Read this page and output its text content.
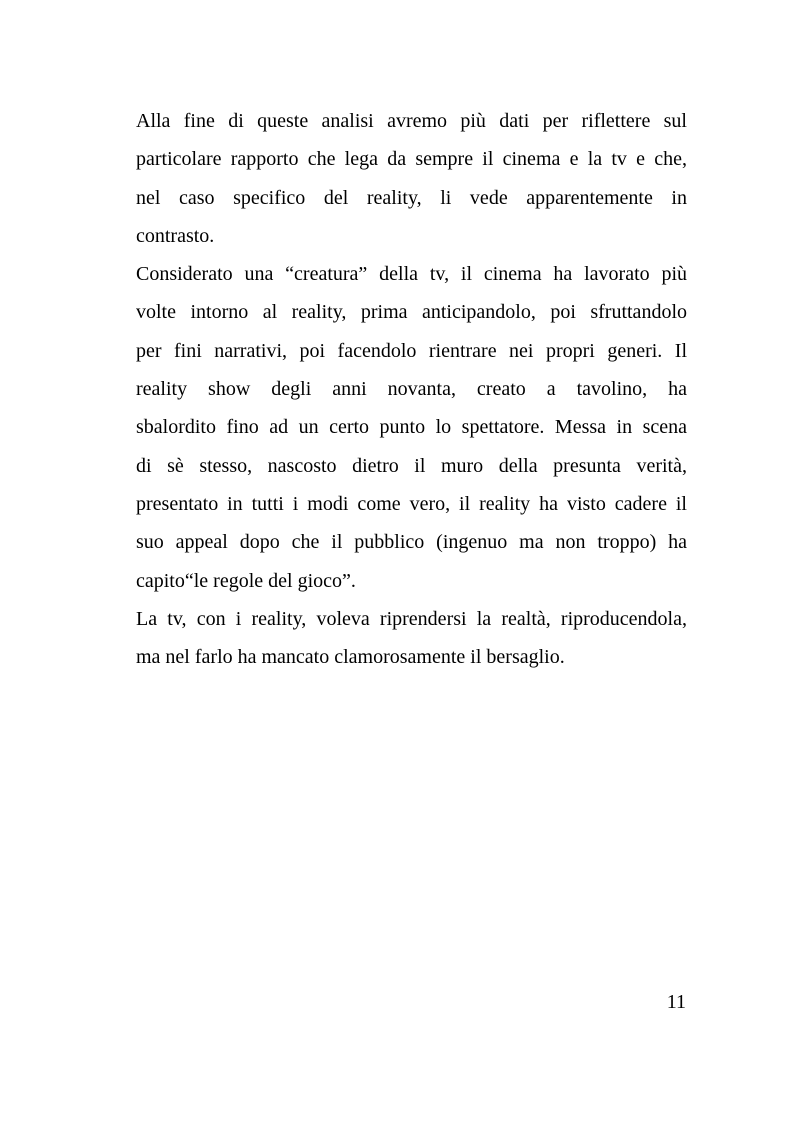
Alla fine di queste analisi avremo più dati per riflettere sul
particolare rapporto che lega da sempre il cinema e la tv e che,
nel caso specifico del reality, li vede apparentemente in
contrasto.
Considerato una “creatura” della tv, il cinema ha lavorato più
volte intorno al reality, prima anticipandolo, poi sfruttandolo
per fini narrativi, poi facendolo rientrare nei propri generi. Il
reality show degli anni novanta, creato a tavolino, ha
sbalordito fino ad un certo punto lo spettatore. Messa in scena
di sè stesso, nascosto dietro il muro della presunta verità,
presentato in tutti i modi come vero, il reality ha visto cadere il
suo appeal dopo che il pubblico (ingenuo ma non troppo) ha
capito“le regole del gioco”.
La tv, con i reality, voleva riprendersi la realtà, riproducendola,
ma nel farlo ha mancato clamorosamente il bersaglio.
11
